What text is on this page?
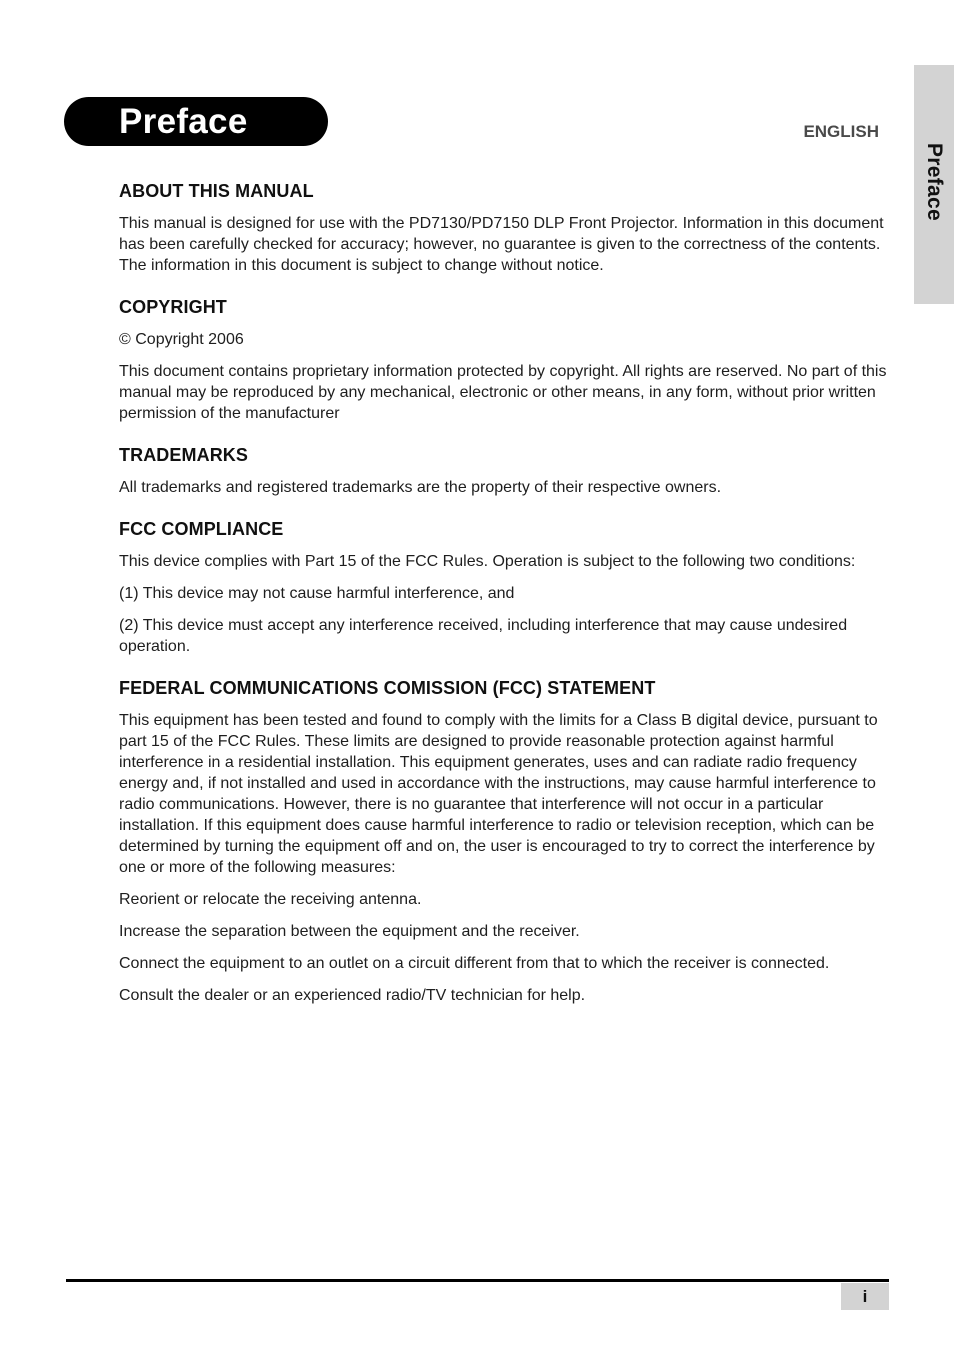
Preface	ENGLISH
Preface
ABOUT THIS MANUAL

This manual is designed for use with the PD7130/PD7150 DLP Front Projector. Information in this document has been carefully checked for accuracy; however, no guarantee is given to the correctness of the contents. The information in this document is subject to change without notice.

COPYRIGHT

© Copyright 2006

This document contains proprietary information protected by copyright. All rights are reserved. No part of this manual may be reproduced by any mechanical, electronic or other means, in any form, without prior written permission of the manufacturer

TRADEMARKS

All trademarks and registered trademarks are the property of their respective owners.

FCC COMPLIANCE

This device complies with Part 15 of the FCC Rules. Operation is subject to the following two conditions:

(1) This device may not cause harmful interference, and

(2) This device must accept any interference received, including interference that may cause undesired operation.

FEDERAL COMMUNICATIONS COMISSION (FCC) STATEMENT

This equipment has been tested and found to comply with the limits for a Class B digital device, pursuant to part 15 of the FCC Rules. These limits are designed to provide reasonable protection against harmful interference in a residential installation. This equipment generates, uses and can radiate radio frequency energy and, if not installed and used in accordance with the instructions, may cause harmful interference to radio communications. However, there is no guarantee that interference will not occur in a particular installation. If this equipment does cause harmful interference to radio or television reception, which can be determined by turning the equipment off and on, the user is encouraged to try to correct the interference by one or more of the following measures:

Reorient or relocate the receiving antenna.

Increase the separation between the equipment and the receiver.

Connect the equipment to an outlet on a circuit different from that to which the receiver is connected.

Consult the dealer or an experienced radio/TV technician for help.

i
